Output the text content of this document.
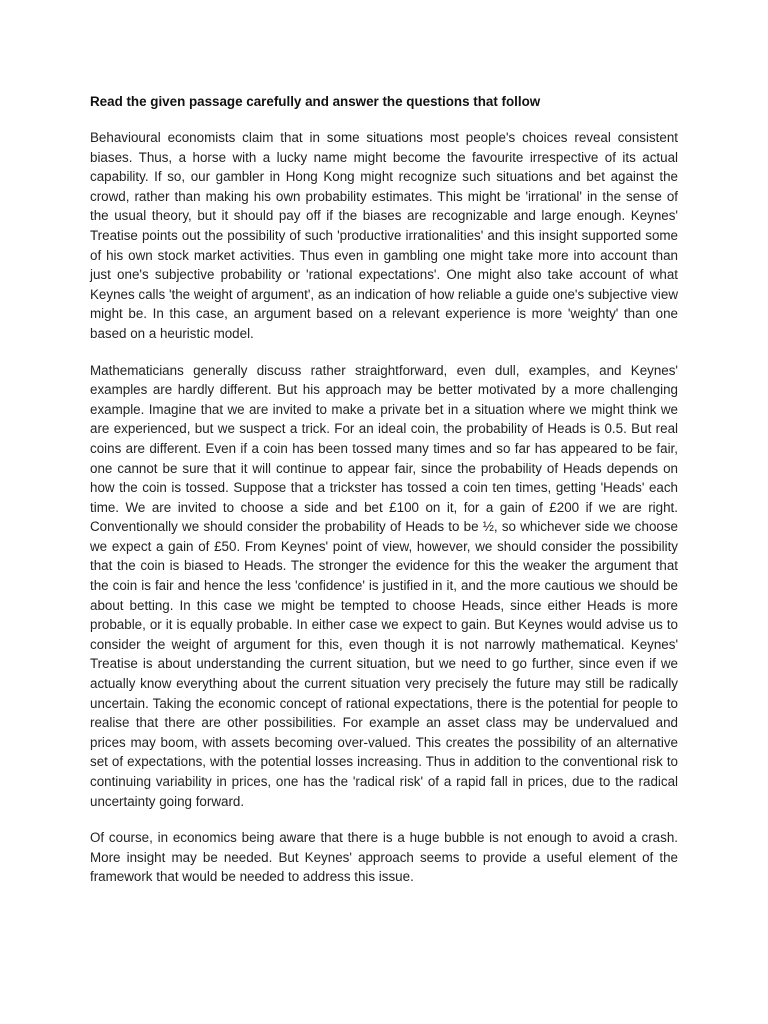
Read the given passage carefully and answer the questions that follow

Behavioural economists claim that in some situations most people's choices reveal consistent biases. Thus, a horse with a lucky name might become the favourite irrespective of its actual capability. If so, our gambler in Hong Kong might recognize such situations and bet against the crowd, rather than making his own probability estimates. This might be 'irrational' in the sense of the usual theory, but it should pay off if the biases are recognizable and large enough. Keynes' Treatise points out the possibility of such 'productive irrationalities' and this insight supported some of his own stock market activities. Thus even in gambling one might take more into account than just one's subjective probability or 'rational expectations'. One might also take account of what Keynes calls 'the weight of argument', as an indication of how reliable a guide one's subjective view might be. In this case, an argument based on a relevant experience is more 'weighty' than one based on a heuristic model.

Mathematicians generally discuss rather straightforward, even dull, examples, and Keynes' examples are hardly different. But his approach may be better motivated by a more challenging example. Imagine that we are invited to make a private bet in a situation where we might think we are experienced, but we suspect a trick. For an ideal coin, the probability of Heads is 0.5. But real coins are different. Even if a coin has been tossed many times and so far has appeared to be fair, one cannot be sure that it will continue to appear fair, since the probability of Heads depends on how the coin is tossed. Suppose that a trickster has tossed a coin ten times, getting 'Heads' each time. We are invited to choose a side and bet £100 on it, for a gain of £200 if we are right. Conventionally we should consider the probability of Heads to be ½, so whichever side we choose we expect a gain of £50. From Keynes' point of view, however, we should consider the possibility that the coin is biased to Heads. The stronger the evidence for this the weaker the argument that the coin is fair and hence the less 'confidence' is justified in it, and the more cautious we should be about betting. In this case we might be tempted to choose Heads, since either Heads is more probable, or it is equally probable. In either case we expect to gain. But Keynes would advise us to consider the weight of argument for this, even though it is not narrowly mathematical. Keynes' Treatise is about understanding the current situation, but we need to go further, since even if we actually know everything about the current situation very precisely the future may still be radically uncertain. Taking the economic concept of rational expectations, there is the potential for people to realise that there are other possibilities. For example an asset class may be undervalued and prices may boom, with assets becoming over-valued. This creates the possibility of an alternative set of expectations, with the potential losses increasing. Thus in addition to the conventional risk to continuing variability in prices, one has the 'radical risk' of a rapid fall in prices, due to the radical uncertainty going forward.

Of course, in economics being aware that there is a huge bubble is not enough to avoid a crash. More insight may be needed. But Keynes' approach seems to provide a useful element of the framework that would be needed to address this issue.
